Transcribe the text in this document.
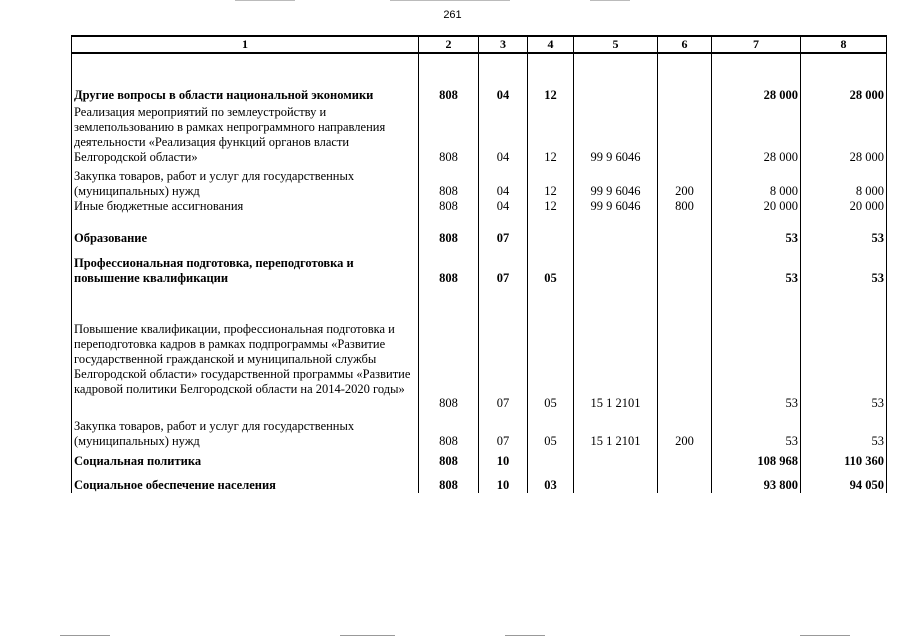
261
1	2	3	4	5	6	7	8

Другие вопросы в области национальной экономики	808	04	12			28 000	28 000
Реализация мероприятий по землеустройству и землепользованию в рамках непрограммного направления деятельности «Реализация функций органов власти Белгородской области»	808	04	12	99 9 6046		28 000	28 000
Закупка товаров, работ и услуг для государственных (муниципальных) нужд	808	04	12	99 9 6046	200	8 000	8 000
Иные бюджетные ассигнования	808	04	12	99 9 6046	800	20 000	20 000
Образование	808	07				53	53
Профессиональная подготовка, переподготовка и повышение квалификации	808	07	05			53	53
Повышение квалификации, профессиональная подготовка и переподготовка кадров в рамках подпрограммы «Развитие государственной гражданской и муниципальной службы Белгородской области» государственной программы «Развитие кадровой политики Белгородской области на 2014-2020 годы»	808	07	05	15 1 2101		53	53
Закупка товаров, работ и услуг для государственных (муниципальных) нужд	808	07	05	15 1 2101	200	53	53
Социальная политика	808	10				108 968	110 360
Социальное обеспечение населения	808	10	03			93 800	94 050
